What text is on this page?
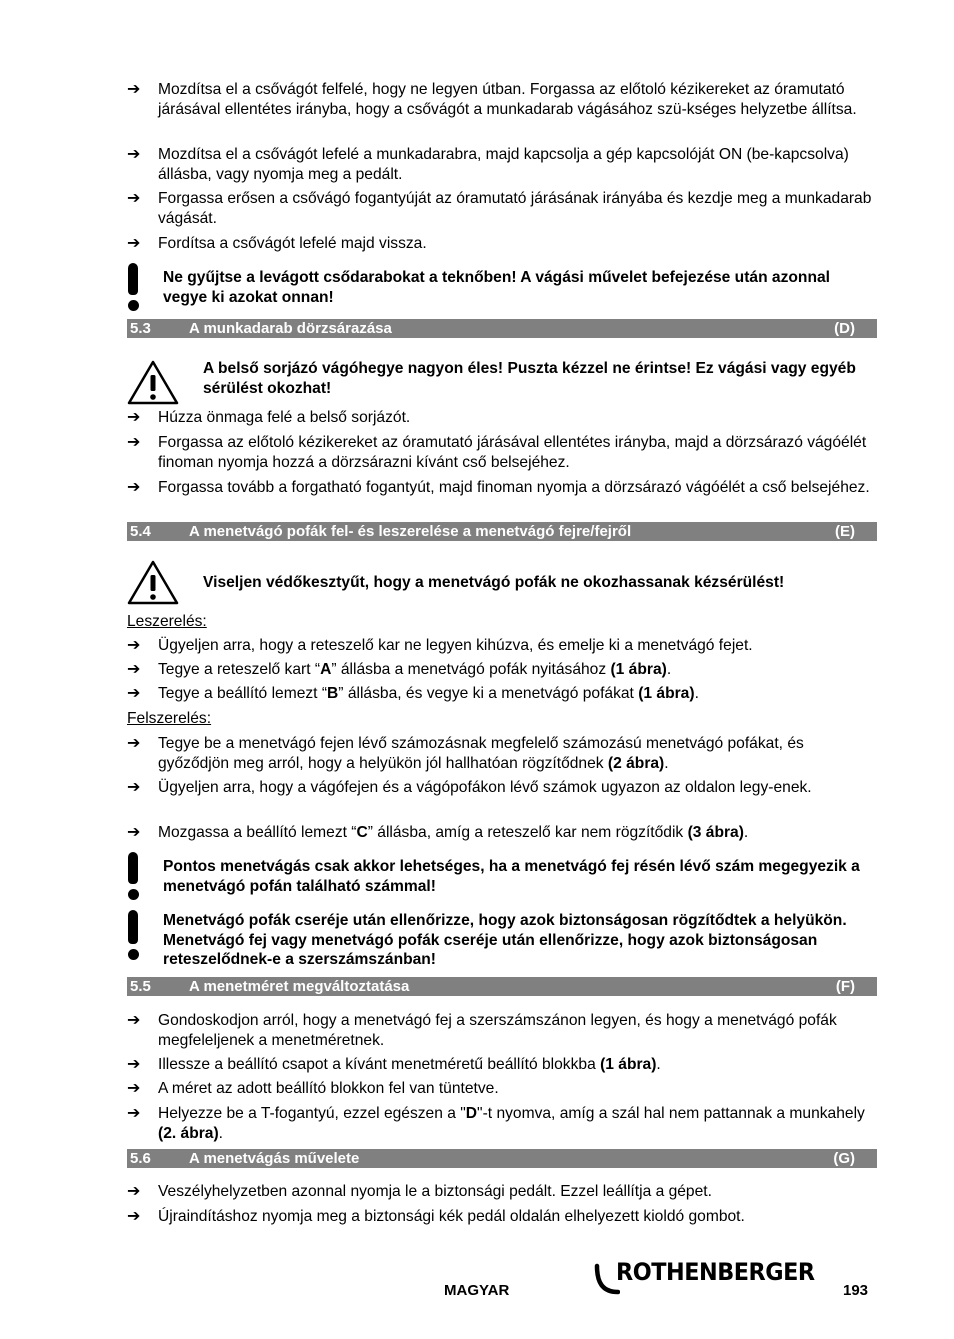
➔ Mozdítsa el a csővágót felfelé, hogy ne legyen útban. Forgassa az előtoló kézikereket az óramutató járásával ellentétes irányba, hogy a csővágót a munkadarab vágásához szü-kséges helyzetbe állítsa.
➔ Mozdítsa el a csővágót lefelé a munkadarabra, majd kapcsolja a gép kapcsolóját ON (be-kapcsolva) állásba, vagy nyomja meg a pedált.
➔ Forgassa erősen a csővágó fogantyúját az óramutató járásának irányába és kezdje meg a munkadarab vágását.
➔ Fordítsa a csővágót lefelé majd vissza.
Ne gyűjtse a levágott csődarabokat a teknőben! A vágási művelet befejezése után azonnal vegye ki azokat onnan!
5.3	A munkadarab dörzsárazása	(D)
A belső sorjázó vágóhegye nagyon éles! Puszta kézzel ne érintse! Ez vágási vagy egyéb sérülést okozhat!
➔ Húzza önmaga felé a belső sorjázót.
➔ Forgassa az előtoló kézikereket az óramutató járásával ellentétes irányba, majd a dörzsárazó vágóélét finoman nyomja hozzá a dörzsárazni kívánt cső belsejéhez.
➔ Forgassa tovább a forgatható fogantyút, majd finoman nyomja a dörzsárazó vágóélét a cső belsejéhez.
5.4	A menetvágó pofák fel- és leszerelése a menetvágó fejre/fejről	(E)
Viseljen védőkesztyűt, hogy a menetvágó pofák ne okozhassanak kézsérülést!
Leszerelés:
➔ Ügyeljen arra, hogy a reteszelő kar ne legyen kihúzva, és emelje ki a menetvágó fejet.
➔ Tegye a reteszelő kart “A” állásba a menetvágó pofák nyitásához (1 ábra).
➔ Tegye a beállító lemezt “B” állásba, és vegye ki a menetvágó pofákat (1 ábra).
Felszerelés:
➔ Tegye be a menetvágó fejen lévő számozásnak megfelelő számozású menetvágó pofákat, és győződjön meg arról, hogy a helyükön jól hallhatóan rögzítődnek (2 ábra).
➔ Ügyeljen arra, hogy a vágófejen és a vágópofákon lévő számok ugyazon az oldalon legy-enek.
➔ Mozgassa a beállító lemezt “C” állásba, amíg a reteszelő kar nem rögzítődik (3 ábra).
Pontos menetvágás csak akkor lehetséges, ha a menetvágó fej résén lévő szám megegyezik a menetvágó pofán található számmal!
Menetvágó pofák cseréje után ellenőrizze, hogy azok biztonságosan rögzítődtek a helyükön. Menetvágó fej vagy menetvágó pofák cseréje után ellenőrizze, hogy azok biztonságosan reteszelődnek-e a szerszámszánban!
5.5	A menetméret megváltoztatása	(F)
➔ Gondoskodjon arról, hogy a menetvágó fej a szerszámszánon legyen, és hogy a menetvágó pofák megfeleljenek a menetméretnek.
➔ Illessze a beállító csapot a kívánt menetméretű beállító blokkba (1 ábra).
➔ A méret az adott beállító blokkon fel van tüntetve.
➔ Helyezze be a T-fogantyú, ezzel egészen a "D"-t nyomva, amíg a szál hal nem pattannak a munkahely (2. ábra).
5.6	A menetvágás művelete	(G)
➔ Veszélyhelyzetben azonnal nyomja le a biztonsági pedált. Ezzel leállítja a gépet.
➔ Újraindításhoz nyomja meg a biztonsági kék pedál oldalán elhelyezett kioldó gombot.
MAGYAR
ROTHENBERGER
193
